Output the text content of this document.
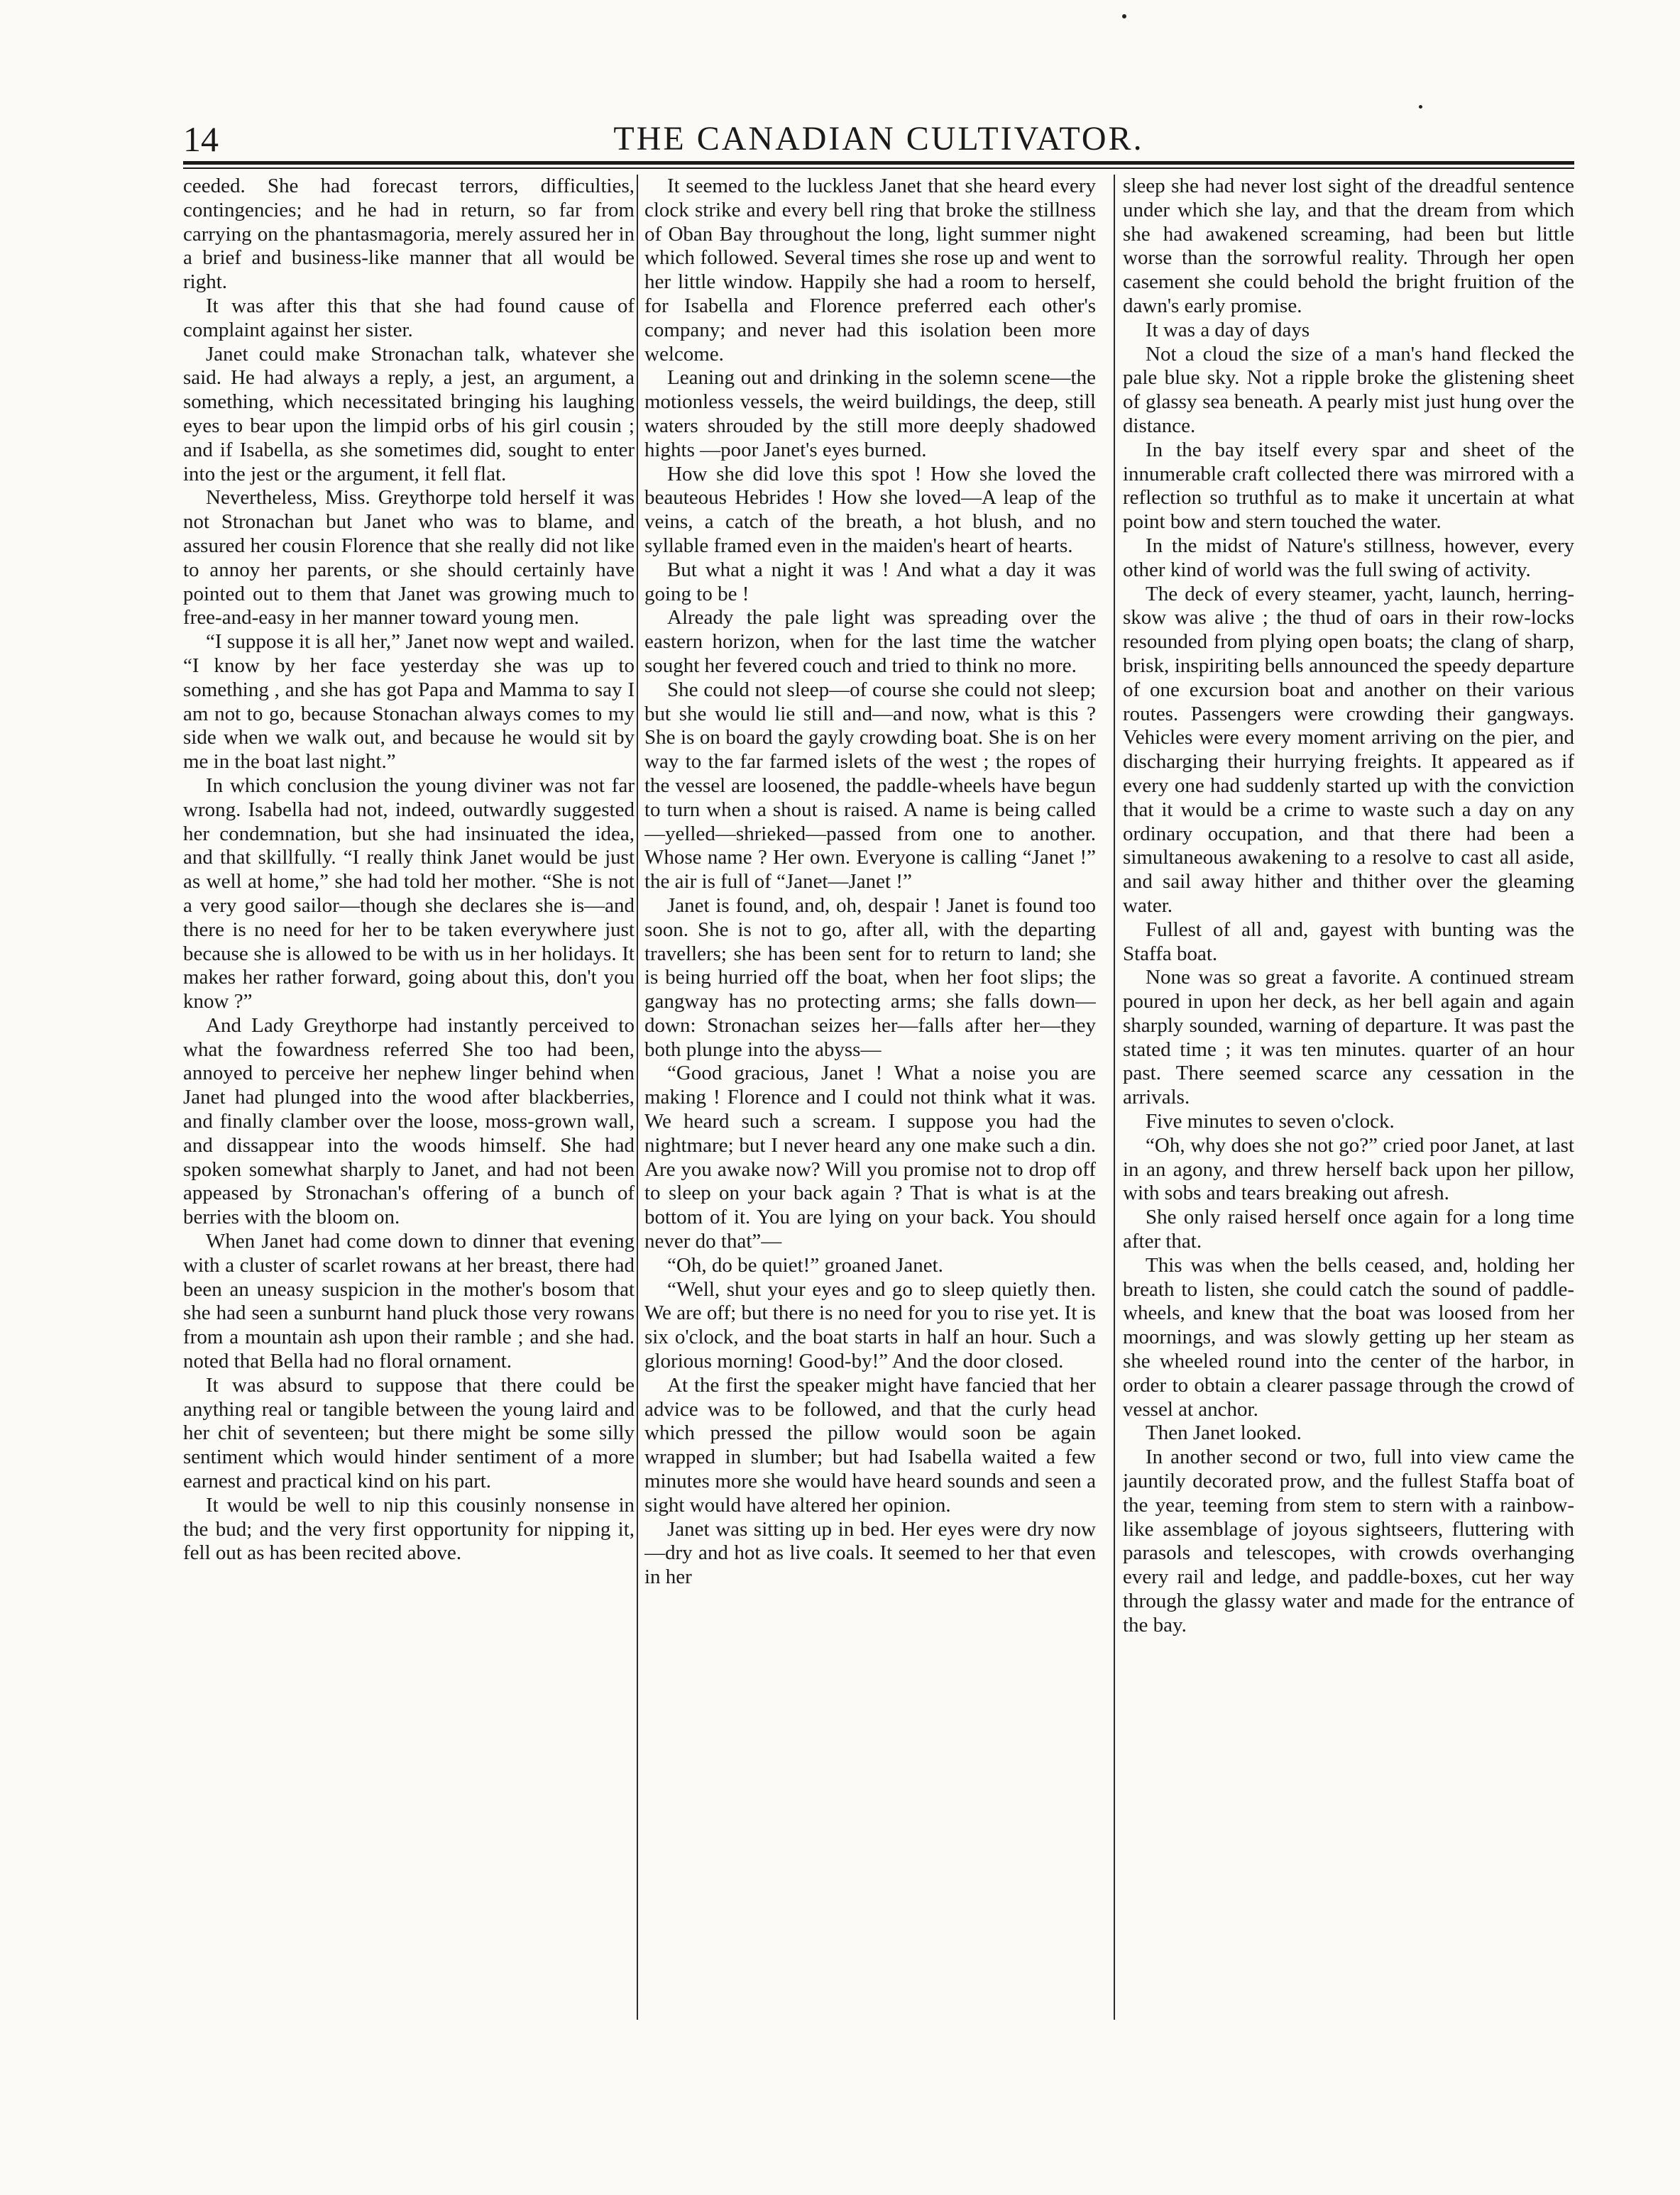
14	THE CANADIAN CULTIVATOR.

ceeded. She had forecast terrors, difficulties, contingencies; and he had in return, so far from carrying on the phantasmagoria, merely assured her in a brief and business-like manner that all would be right.

It was after this that she had found cause of complaint against her sister.

Janet could make Stronachan talk, whatever she said. He had always a reply, a jest, an argument, a something, which necessitated bringing his laughing eyes to bear upon the limpid orbs of his girl cousin ; and if Isabella, as she sometimes did, sought to enter into the jest or the argument, it fell flat.

Nevertheless, Miss. Greythorpe told herself it was not Stronachan but Janet who was to blame, and assured her cousin Florence that she really did not like to annoy her parents, or she should certainly have pointed out to them that Janet was growing much to free-and-easy in her manner toward young men.

“I suppose it is all her,” Janet now wept and wailed. “I know by her face yesterday she was up to something , and she has got Papa and Mamma to say I am not to go, because Stonachan always comes to my side when we walk out, and because he would sit by me in the boat last night.”

In which conclusion the young diviner was not far wrong. Isabella had not, indeed, outwardly suggested her condemnation, but she had insinuated the idea, and that skillfully. “I really think Janet would be just as well at home,” she had told her mother. “She is not a very good sailor—though she declares she is—and there is no need for her to be taken everywhere just because she is allowed to be with us in her holidays. It makes her rather forward, going about this, don't you know ?”

And Lady Greythorpe had instantly perceived to what the fowardness referred She too had been, annoyed to perceive her nephew linger behind when Janet had plunged into the wood after blackberries, and finally clamber over the loose, moss-grown wall, and dissappear into the woods himself. She had spoken somewhat sharply to Janet, and had not been appeased by Stronachan's offering of a bunch of berries with the bloom on.

When Janet had come down to dinner that evening with a cluster of scarlet rowans at her breast, there had been an uneasy suspicion in the mother's bosom that she had seen a sunburnt hand pluck those very rowans from a mountain ash upon their ramble ; and she had. noted that Bella had no floral ornament.

It was absurd to suppose that there could be anything real or tangible between the young laird and her chit of seventeen; but there might be some silly sentiment which would hinder sentiment of a more earnest and practical kind on his part.

It would be well to nip this cousinly nonsense in the bud; and the very first opportunity for nipping it, fell out as has been recited above.

It seemed to the luckless Janet that she heard every clock strike and every bell ring that broke the stillness of Oban Bay throughout the long, light summer night which followed. Several times she rose up and went to her little window. Happily she had a room to herself, for Isabella and Florence preferred each other's company; and never had this isolation been more welcome.

Leaning out and drinking in the solemn scene—the motionless vessels, the weird buildings, the deep, still waters shrouded by the still more deeply shadowed hights —poor Janet's eyes burned.

How she did love this spot ! How she loved the beauteous Hebrides ! How she loved—A leap of the veins, a catch of the breath, a hot blush, and no syllable framed even in the maiden's heart of hearts.

But what a night it was ! And what a day it was going to be !

Already the pale light was spreading over the eastern horizon, when for the last time the watcher sought her fevered couch and tried to think no more.

She could not sleep—of course she could not sleep; but she would lie still and—and now, what is this ? She is on board the gayly crowding boat. She is on her way to the far farmed islets of the west ; the ropes of the vessel are loosened, the paddle-wheels have begun to turn when a shout is raised. A name is being called —yelled—shrieked—passed from one to another. Whose name ? Her own. Everyone is calling “Janet !” the air is full of “Janet—Janet !”

Janet is found, and, oh, despair ! Janet is found too soon. She is not to go, after all, with the departing travellers; she has been sent for to return to land; she is being hurried off the boat, when her foot slips; the gangway has no protecting arms; she falls down—down: Stronachan seizes her—falls after her—they both plunge into the abyss—

“Good gracious, Janet ! What a noise you are making ! Florence and I could not think what it was. We heard such a scream. I suppose you had the nightmare; but I never heard any one make such a din. Are you awake now? Will you promise not to drop off to sleep on your back again ? That is what is at the bottom of it. You are lying on your back. You should never do that”—

“Oh, do be quiet!” groaned Janet.

“Well, shut your eyes and go to sleep quietly then. We are off; but there is no need for you to rise yet. It is six o'clock, and the boat starts in half an hour. Such a glorious morning! Good-by!” And the door closed.

At the first the speaker might have fancied that her advice was to be followed, and that the curly head which pressed the pillow would soon be again wrapped in slumber; but had Isabella waited a few minutes more she would have heard sounds and seen a sight would have altered her opinion.

Janet was sitting up in bed. Her eyes were dry now—dry and hot as live coals. It seemed to her that even in her

sleep she had never lost sight of the dreadful sentence under which she lay, and that the dream from which she had awakened screaming, had been but little worse than the sorrowful reality. Through her open casement she could behold the bright fruition of the dawn's early promise.

It was a day of days

Not a cloud the size of a man's hand flecked the pale blue sky. Not a ripple broke the glistening sheet of glassy sea beneath. A pearly mist just hung over the distance.

In the bay itself every spar and sheet of the innumerable craft collected there was mirrored with a reflection so truthful as to make it uncertain at what point bow and stern touched the water.

In the midst of Nature's stillness, however, every other kind of world was the full swing of activity.

The deck of every steamer, yacht, launch, herring-skow was alive ; the thud of oars in their row-locks resounded from plying open boats; the clang of sharp, brisk, inspiriting bells announced the speedy departure of one excursion boat and another on their various routes. Passengers were crowding their gangways. Vehicles were every moment arriving on the pier, and discharging their hurrying freights. It appeared as if every one had suddenly started up with the conviction that it would be a crime to waste such a day on any ordinary occupation, and that there had been a simultaneous awakening to a resolve to cast all aside, and sail away hither and thither over the gleaming water.

Fullest of all and, gayest with bunting was the Staffa boat.

None was so great a favorite. A continued stream poured in upon her deck, as her bell again and again sharply sounded, warning of departure. It was past the stated time ; it was ten minutes. quarter of an hour past. There seemed scarce any cessation in the arrivals.

Five minutes to seven o'clock.

“Oh, why does she not go?” cried poor Janet, at last in an agony, and threw herself back upon her pillow, with sobs and tears breaking out afresh.

She only raised herself once again for a long time after that.

This was when the bells ceased, and, holding her breath to listen, she could catch the sound of paddle-wheels, and knew that the boat was loosed from her moornings, and was slowly getting up her steam as she wheeled round into the center of the harbor, in order to obtain a clearer passage through the crowd of vessel at anchor.

Then Janet looked.

In another second or two, full into view came the jauntily decorated prow, and the fullest Staffa boat of the year, teeming from stem to stern with a rainbow-like assemblage of joyous sightseers, fluttering with parasols and telescopes, with crowds overhanging every rail and ledge, and paddle-boxes, cut her way through the glassy water and made for the entrance of the bay.
